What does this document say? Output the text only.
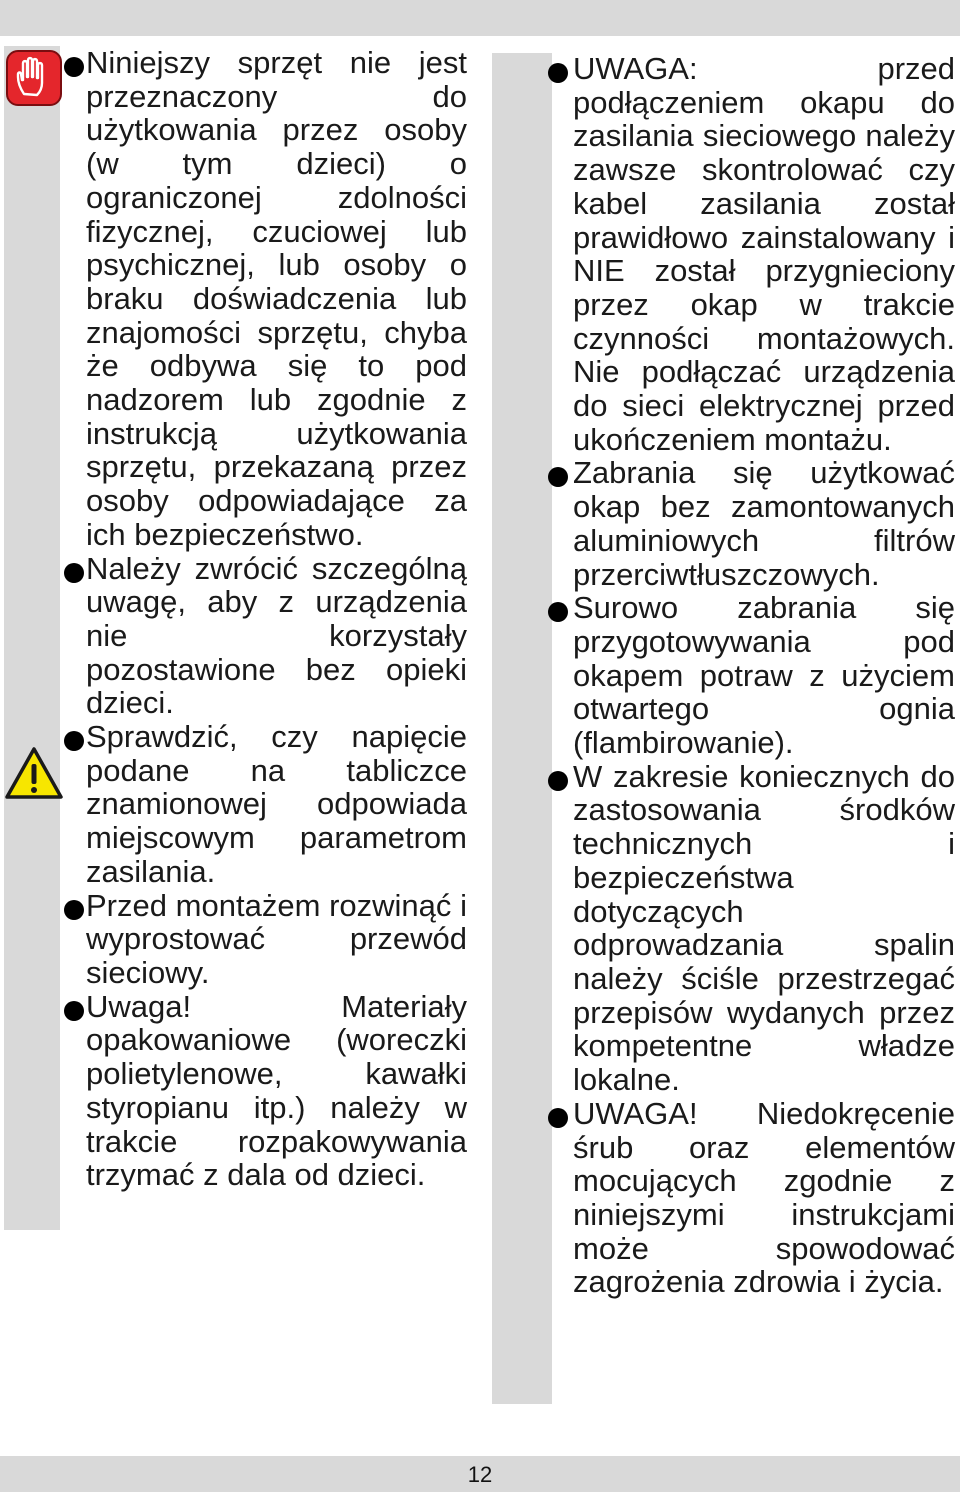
Niniejszy sprzęt nie jest przeznaczony do użytkowania przez osoby (w tym dzieci) o ograniczonej zdolności fizycznej, czuciowej lub psychicznej, lub osoby o braku doświadczenia lub znajomości sprzętu, chyba że odbywa się to pod nadzorem lub zgodnie z instrukcją użytkowania sprzętu, przekazaną przez osoby odpowiadające za ich bezpieczeństwo.

Należy zwrócić szczególną uwagę, aby z urządzenia nie korzystały pozostawione bez opieki dzieci.

Sprawdzić, czy napięcie podane na tabliczce znamionowej odpowiada miejscowym parametrom zasilania.

Przed montażem rozwinąć i wyprostować przewód sieciowy.

Uwaga! Materiały opakowaniowe (woreczki polietylenowe, kawałki styropianu itp.) należy w trakcie rozpakowywania trzymać z dala od dzieci.

UWAGA: przed podłączeniem okapu do zasilania sieciowego należy zawsze skontrolować czy kabel zasilania został prawidłowo zainstalowany i NIE został przygnieciony przez okap w trakcie czynności montażowych. Nie podłączać urządzenia do sieci elektrycznej przed ukończeniem montażu.

Zabrania się użytkować okap bez zamontowanych aluminiowych filtrów przerciwtłuszczowych.

Surowo zabrania się przygotowywania pod okapem potraw z użyciem otwartego ognia (flambirowanie).

W zakresie koniecznych do zastosowania środków technicznych i bezpieczeństwa dotyczących odprowadzania spalin należy ściśle przestrzegać przepisów wydanych przez kompetentne władze lokalne.

UWAGA! Niedokręcenie śrub oraz elementów mocujących zgodnie z niniejszymi instrukcjami może spowodować zagrożenia zdrowia i życia.

12
